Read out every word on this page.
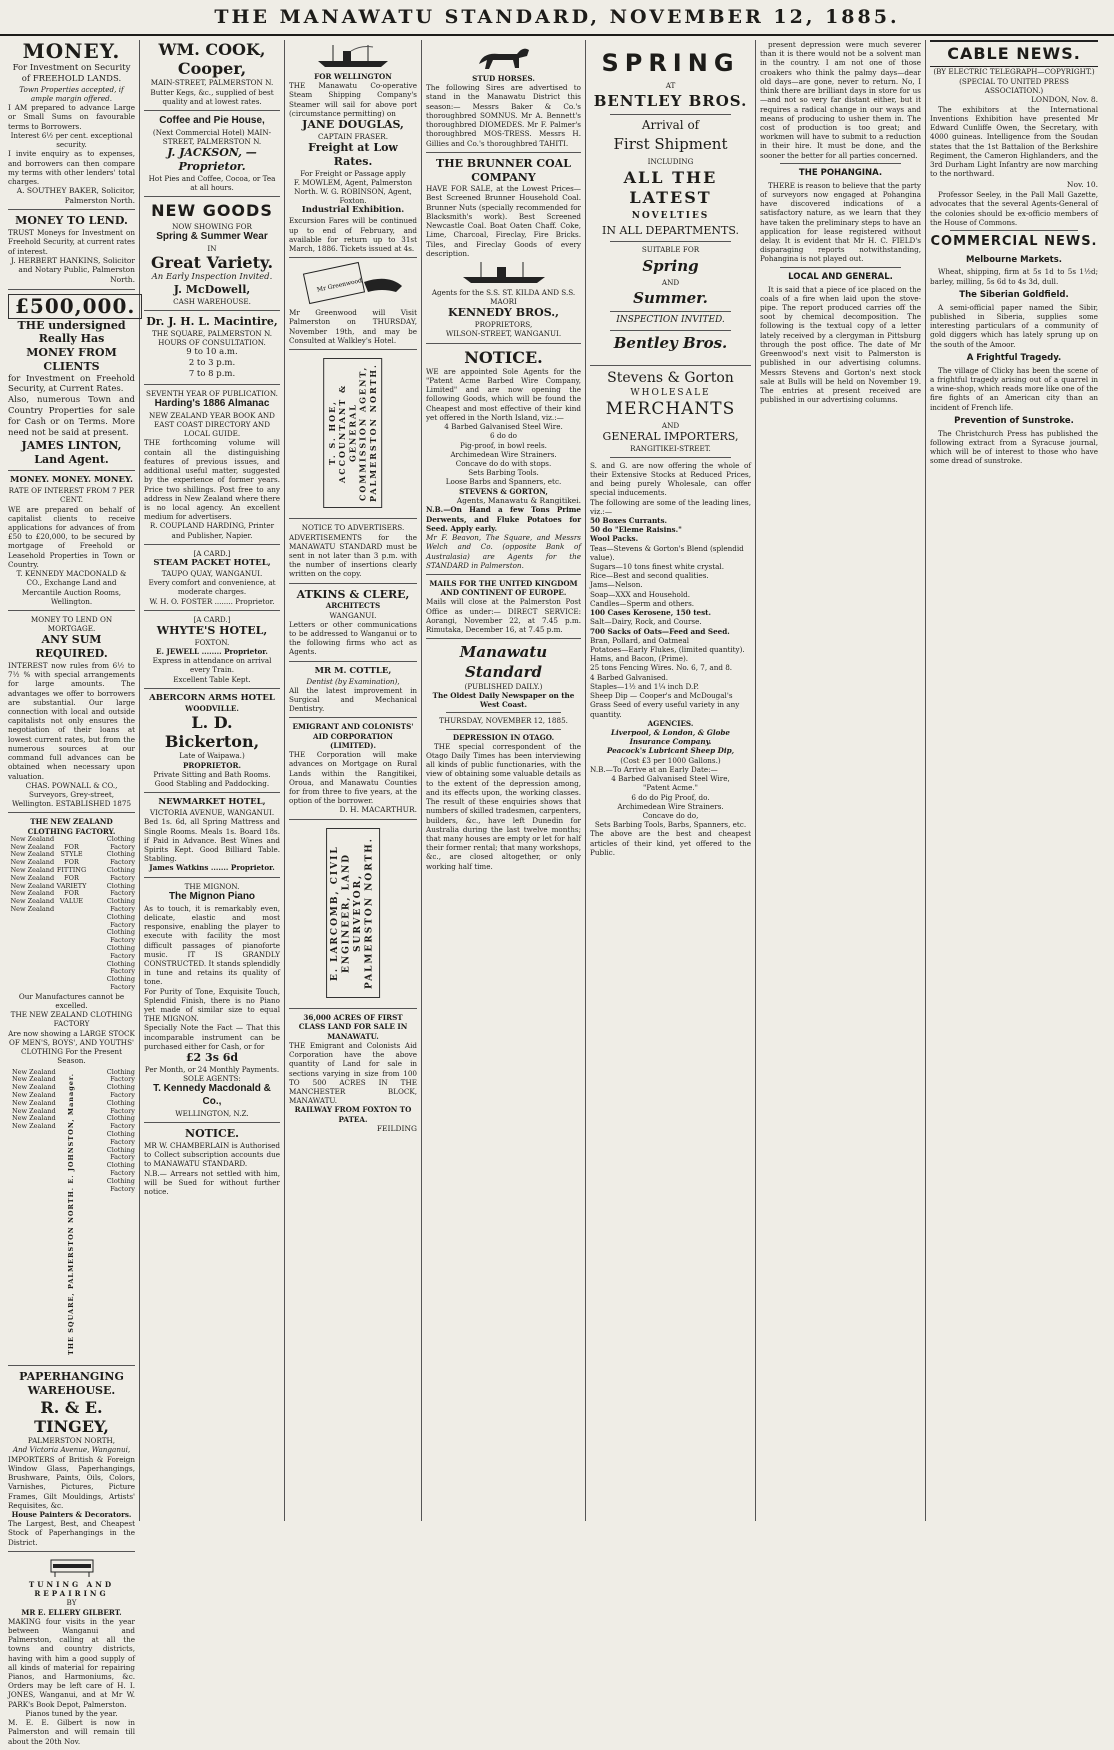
THE MANAWATU STANDARD, NOVEMBER 12, 1885.
MONEY.
For Investment on Security of FREEHOLD LANDS.
Town Properties accepted, if ample margin offered.
I AM prepared to advance Large or Small Sums on favourable terms to Borrowers.
Interest 6½ per cent. exceptional security.
I invite enquiry as to expenses, and borrowers can then compare my terms with other lenders' total charges.
A. SOUTHEY BAKER, Solicitor, Palmerston North.
MONEY TO LEND.
TRUST Moneys for Investment on Freehold Security, at current rates of interest.
J. HERBERT HANKINS, Solicitor and Notary Public, Palmerston North.
£500,000.
THE undersigned Really Has
MONEY FROM CLIENTS
for Investment on Freehold Security, at Current Rates.
Also, numerous Town and Country Properties for sale for Cash or on Terms. More need not be said at present.
JAMES LINTON, Land Agent.
MONEY. MONEY. MONEY.
RATE OF INTEREST FROM 7 PER CENT.
WE are prepared on behalf of capitalist clients to receive applications for advances of from £50 to £20,000, to be secured by mortgage of Freehold or Leasehold Properties in Town or Country.
T. KENNEDY MACDONALD & CO., Exchange Land and Mercantile Auction Rooms, Wellington.
MONEY TO LEND ON MORTGAGE.
ANY SUM REQUIRED.
INTEREST now rules from 6½ to 7½ % with special arrangements for large amounts. The advantages we offer to borrowers are substantial. Our large connection with local and outside capitalists not only ensures the negotiation of their loans at lowest current rates, but from the numerous sources at our command full advances can be obtained when necessary upon valuation.
CHAS. POWNALL & CO., Surveyors, Grey-street, Wellington. ESTABLISHED 1875
THE NEW ZEALAND CLOTHING FACTORY.
New Zealand
New Zealand
New Zealand
New Zealand
New Zealand
New Zealand
New Zealand
New Zealand
New Zealand
New Zealand

FOR
STYLE
FOR
FITTING
FOR
VARIETY
FOR
VALUE
Clothing Factory
Clothing Factory
Clothing Factory
Clothing Factory
Clothing Factory
Clothing Factory
Clothing Factory
Clothing Factory
Clothing Factory
Clothing Factory
Our Manufactures cannot be excelled.
THE NEW ZEALAND CLOTHING FACTORY
Are now showing a LARGE STOCK OF MEN'S, BOYS', AND YOUTHS' CLOTHING For the Present Season.
New Zealand
New Zealand
New Zealand
New Zealand
New Zealand
New Zealand
New Zealand
New Zealand	THE SQUARE, PALMERSTON NORTH. E. JOHNSTON, Manager.
Clothing Factory
Clothing Factory
Clothing Factory
Clothing Factory
Clothing Factory
Clothing Factory
Clothing Factory
Clothing Factory
PAPERHANGING WAREHOUSE.
R. & E. TINGEY,
PALMERSTON NORTH,
And Victoria Avenue, Wanganui,
IMPORTERS of British & Foreign Window Glass, Paperhangings, Brushware, Paints, Oils, Colors, Varnishes, Pictures, Picture Frames, Gilt Mouldings, Artists' Requisites, &c.
House Painters & Decorators.
The Largest, Best, and Cheapest Stock of Paperhangings in the District.
TUNING AND REPAIRING
BY
MR E. ELLERY GILBERT.
MAKING four visits in the year between Wanganui and Palmerston, calling at all the towns and country districts, having with him a good supply of all kinds of material for repairing Pianos, and Harmoniums, &c. Orders may be left care of H. I. JONES, Wanganui, and at Mr W. PARK's Book Depot, Palmerston.
Pianos tuned by the year.
M. E. E. Gilbert is now in Palmerston and will remain till about the 20th Nov.
WM. COOK,
Cooper,
MAIN-STREET, PALMERSTON N.
Butter Kegs, &c., supplied of best quality and at lowest rates.
Coffee and Pie House,
(Next Commercial Hotel) MAIN-STREET, PALMERSTON N.
J. JACKSON, — Proprietor.
Hot Pies and Coffee, Cocoa, or Tea at all hours.
NEW GOODS
NOW SHOWING FOR
Spring & Summer Wear
IN
Great Variety.
An Early Inspection Invited.
J. McDowell,
CASH WAREHOUSE.
Dr. J. H. L. Macintire,
THE SQUARE, PALMERSTON N.
HOURS OF CONSULTATION.
9 to 10 a.m.
2 to 3 p.m.
7 to 8 p.m.
SEVENTH YEAR OF PUBLICATION.
Harding's 1886 Almanac
NEW ZEALAND YEAR BOOK AND EAST COAST DIRECTORY AND LOCAL GUIDE.
THE forthcoming volume will contain all the distinguishing features of previous issues, and additional useful matter, suggested by the experience of former years. Price two shillings. Post free to any address in New Zealand where there is no local agency. An excellent medium for advertisers.
R. COUPLAND HARDING, Printer and Publisher, Napier.
[A CARD.]
STEAM PACKET HOTEL,
TAUPO QUAY, WANGANUI.
Every comfort and convenience, at moderate charges.
W. H. O. FOSTER ........ Proprietor.
[A CARD.]
WHYTE'S HOTEL,
FOXTON.
E. JEWELL ........ Proprietor.
Express in attendance on arrival every Train.
Excellent Table Kept.
ABERCORN ARMS HOTEL
WOODVILLE.
L. D. Bickerton,
Late of Waipawa.)
PROPRIETOR.
Private Sitting and Bath Rooms.
Good Stabling and Paddocking.
NEWMARKET HOTEL,
VICTORIA AVENUE, WANGANUI.
Bed 1s. 6d, all Spring Mattress and Single Rooms. Meals 1s. Board 18s. if Paid in Advance. Best Wines and Spirits Kept. Good Billiard Table. Stabling.
James Watkins ....... Proprietor.
THE MIGNON.
The Mignon Piano
As to touch, it is remarkably even, delicate, elastic and most responsive, enabling the player to execute with facility the most difficult passages of pianoforte music. IT IS GRANDLY CONSTRUCTED. It stands splendidly in tune and retains its quality of tone.
For Purity of Tone, Exquisite Touch, Splendid Finish, there is no Piano yet made of similar size to equal THE MIGNON.
Specially Note the Fact — That this incomparable instrument can be purchased either for Cash, or for
£2 3s 6d
Per Month, or 24 Monthly Payments.
SOLE AGENTS:
T. Kennedy Macdonald & Co.,
WELLINGTON, N.Z.
NOTICE.
MR W. CHAMBERLAIN is Authorised to Collect subscription accounts due to MANAWATU STANDARD.
N.B.— Arrears not settled with him, will be Sued for without further notice.
FOR WELLINGTON
THE Manawatu Co-operative Steam Shipping Company's Steamer will sail for above port (circumstance permitting) on
JANE DOUGLAS,
CAPTAIN FRASER.
Freight at Low Rates.
For Freight or Passage apply
F. MOWLEM, Agent, Palmerston North. W. G. ROBINSON, Agent, Foxton.
Industrial Exhibition.
Excursion Fares will be continued up to end of February, and available for return up to 31st March, 1886. Tickets issued at 4s.
Mr Greenwood
Mr Greenwood will Visit Palmerston on THURSDAY, November 19th, and may be Consulted at Walkley's Hotel.
T. S. HOE, ACCOUNTANT & GENERAL COMMISSION AGENT, PALMERSTON NORTH.
NOTICE TO ADVERTISERS.
ADVERTISEMENTS for the MANAWATU STANDARD must be sent in not later than 3 p.m. with the number of insertions clearly written on the copy.
ATKINS & CLERE,
ARCHITECTS
WANGANUI.
Letters or other communications to be addressed to Wanganui or to the following firms who act as Agents.
MR M. COTTLE,
Dentist (by Examination),
All the latest improvement in Surgical and Mechanical Dentistry.
EMIGRANT AND COLONISTS' AID CORPORATION (LIMITED).
THE Corporation will make advances on Mortgage on Rural Lands within the Rangitikei, Oroua, and Manawatu Counties for from three to five years, at the option of the borrower.
D. H. MACARTHUR.
E. LARCOMB, CIVIL ENGINEER, LAND SURVEYOR, PALMERSTON NORTH.
36,000 ACRES OF FIRST CLASS LAND FOR SALE IN MANAWATU.
THE Emigrant and Colonists Aid Corporation have the above quantity of Land for sale in sections varying in size from 100 TO 500 ACRES IN THE MANCHESTER BLOCK, MANAWATU.
RAILWAY FROM FOXTON TO PATEA.
FEILDING
STUD HORSES.
The following Sires are advertised to stand in the Manawatu District this season:— Messrs Baker & Co.'s thoroughbred SOMNUS. Mr A. Bennett's thoroughbred DIOMEDES. Mr F. Palmer's thoroughbred MOS-TRESS. Messrs H. Gillies and Co.'s thoroughbred TAHITI.
THE BRUNNER COAL COMPANY
HAVE FOR SALE, at the Lowest Prices— Best Screened Brunner Household Coal. Brunner Nuts (specially recommended for Blacksmith's work). Best Screened Newcastle Coal. Boat Oaten Chaff. Coke, Lime, Charcoal, Fireclay, Fire Bricks. Tiles, and Fireclay Goods of every description.
Agents for the S.S. ST. KILDA AND S.S. MAORI
KENNEDY BROS.,
PROPRIETORS,
WILSON-STREET, WANGANUI.
NOTICE.
WE are appointed Sole Agents for the "Patent Acme Barbed Wire Company, Limited" and are now opening the following Goods, which will be found the Cheapest and most effective of their kind yet offered in the North Island, viz.:—
4 Barbed Galvanised Steel Wire.
6 do do
Pig-proof, in bowl reels.
Archimedean Wire Strainers.
Concave do do with stops.
Sets Barbing Tools.
Loose Barbs and Spanners, etc.
STEVENS & GORTON,
Agents, Manawatu & Rangitikei.
N.B.—On Hand a few Tons Prime Derwents, and Fluke Potatoes for Seed. Apply early.
Mr F. Beavon, The Square, and Messrs Welch and Co. (opposite Bank of Australasia) are Agents for the STANDARD in Palmerston.
MAILS FOR THE UNITED KINGDOM AND CONTINENT OF EUROPE.
Mails will close at the Palmerston Post Office as under:— DIRECT SERVICE: Aorangi, November 22, at 7.45 p.m. Rimutaka, December 16, at 7.45 p.m.
Manawatu Standard
(PUBLISHED DAILY.)
The Oldest Daily Newspaper on the West Coast.
THURSDAY, NOVEMBER 12, 1885.
DEPRESSION IN OTAGO.
THE special correspondent of the Otago Daily Times has been interviewing all kinds of public functionaries, with the view of obtaining some valuable details as to the extent of the depression among, and its effects upon, the working classes. The result of these enquiries shows that numbers of skilled tradesmen, carpenters, builders, &c., have left Dunedin for Australia during the last twelve months; that many houses are empty or let for half their former rental; that many workshops, &c., are closed altogether, or only working half time.
SPRING
AT
BENTLEY BROS.
Arrival of
First Shipment
INCLUDING
ALL THE LATEST
NOVELTIES
IN ALL DEPARTMENTS.
SUITABLE FOR
Spring
AND
Summer.
INSPECTION INVITED.
Bentley Bros.
Stevens & Gorton
WHOLESALE
MERCHANTS
AND
GENERAL IMPORTERS,
RANGITIKEI-STREET.
S. and G. are now offering the whole of their Extensive Stocks at Reduced Prices, and being purely Wholesale, can offer special inducements.
The following are some of the leading lines, viz.:—
50 Boxes Currants.
50 do "Eleme Raisins."
Wool Packs.
Teas—Stevens & Gorton's Blend (splendid value).
Sugars—10 tons finest white crystal.
Rice—Best and second qualities.
Jams—Nelson.
Soap—XXX and Household.
Candles—Sperm and others.
100 Cases Kerosene, 150 test.
Salt—Dairy, Rock, and Course.
700 Sacks of Oats—Feed and Seed.
Bran, Pollard, and Oatmeal
Potatoes—Early Flukes, (limited quantity).
Hams, and Bacon, (Prime).
25 tons Fencing Wires. No. 6, 7, and 8.
4 Barbed Galvanised.
Staples—1½ and 1¼ inch D.P.
Sheep Dip — Cooper's and McDougal's
Grass Seed of every useful variety in any quantity.
AGENCIES.
Liverpool, & London, & Globe Insurance Company.
Peacock's Lubricant Sheep Dip,
(Cost £3 per 1000 Gallons.)
N.B.—To Arrive at an Early Date:—
4 Barbed Galvanised Steel Wire,
"Patent Acme."
6 do do Pig Proof, do.
Archimedean Wire Strainers.
Concave do do,
Sets Barbing Tools, Barbs, Spanners, etc.
The above are the best and cheapest articles of their kind, yet offered to the Public.
present depression were much severer than it is there would not be a solvent man in the country. I am not one of those croakers who think the palmy days—dear old days—are gone, never to return. No, I think there are brilliant days in store for us—and not so very far distant either, but it requires a radical change in our ways and means of producing to usher them in. The cost of production is too great; and workmen will have to submit to a reduction in their hire. It must be done, and the sooner the better for all parties concerned.
THE POHANGINA.
THERE is reason to believe that the party of surveyors now engaged at Pohangina have discovered indications of a satisfactory nature, as we learn that they have taken the preliminary steps to have an application for lease registered without delay. It is evident that Mr H. C. FIELD's disparaging reports notwithstanding, Pohangina is not played out.
LOCAL AND GENERAL.
It is said that a piece of ice placed on the coals of a fire when laid upon the stove-pipe. The report produced carries off the soot by chemical decomposition. The following is the textual copy of a letter lately received by a clergyman in Pittsburg through the post office. The date of Mr Greenwood's next visit to Palmerston is published in our advertising columns. Messrs Stevens and Gorton's next stock sale at Bulls will be held on November 19. The entries at present received are published in our advertising columns.
CABLE NEWS.
(BY ELECTRIC TELEGRAPH—COPYRIGHT.)
(SPECIAL TO UNITED PRESS ASSOCIATION.)
LONDON, Nov. 8.
The exhibitors at the International Inventions Exhibition have presented Mr Edward Cunliffe Owen, the Secretary, with 4000 guineas. Intelligence from the Soudan states that the 1st Battalion of the Berkshire Regiment, the Cameron Highlanders, and the 3rd Durham Light Infantry are now marching to the northward.
Nov. 10.
Professor Seeley, in the Pall Mall Gazette, advocates that the several Agents-General of the colonies should be ex-officio members of the House of Commons.
COMMERCIAL NEWS.
Melbourne Markets.
Wheat, shipping, firm at 5s 1d to 5s 1½d; barley, milling, 5s 6d to 4s 3d, dull.
The Siberian Goldfield.
A semi-official paper named the Sibir, published in Siberia, supplies some interesting particulars of a community of gold diggers which has lately sprung up on the south of the Amoor.
A Frightful Tragedy.
The village of Clicky has been the scene of a frightful tragedy arising out of a quarrel in a wine-shop, which reads more like one of the fire fights of an American city than an incident of French life.
Prevention of Sunstroke.
The Christchurch Press has published the following extract from a Syracuse journal, which will be of interest to those who have some dread of sunstroke.
